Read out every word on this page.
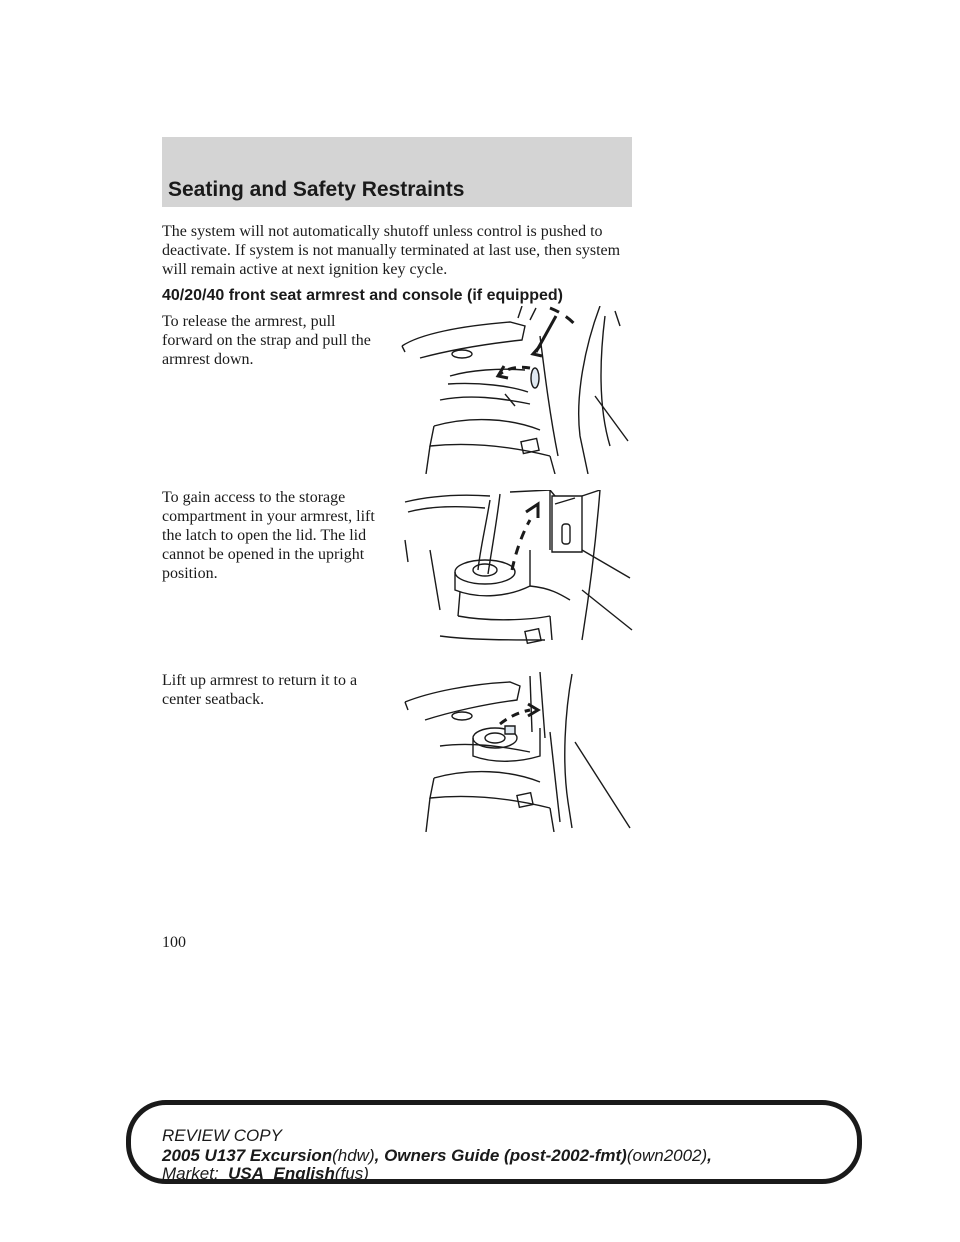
Seating and Safety Restraints

The system will not automatically shutoff unless control is pushed to deactivate. If system is not manually terminated at last use, then system will remain active at next ignition key cycle.

40/20/40 front seat armrest and console (if equipped)

To release the armrest, pull forward on the strap and pull the armrest down.

To gain access to the storage compartment in your armrest, lift the latch to open the lid. The lid cannot be opened in the upright position.

Lift up armrest to return it to a center seatback.

100
REVIEW COPY
2005 U137 Excursion(hdw), Owners Guide (post-2002-fmt)(own2002),
Market: USA_English(fus)
